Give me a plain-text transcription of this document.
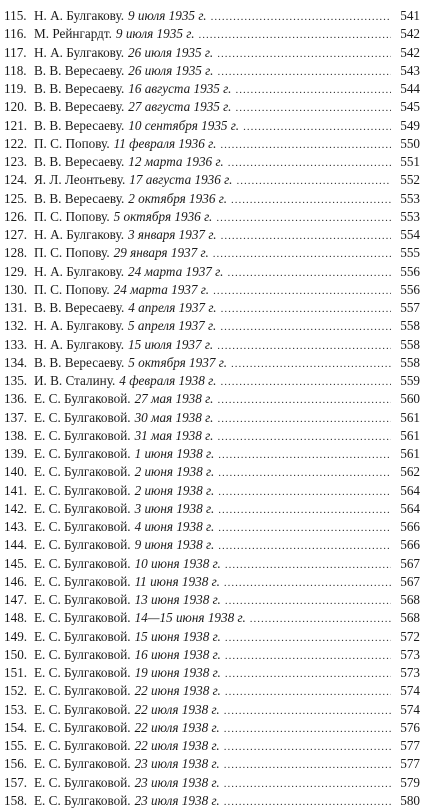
115. Н. А. Булгакову. 9 июля 1935 г. .....	541
116. М. Рейнгардт. 9 июля 1935 г. .....	542
117. Н. А. Булгакову. 26 июля 1935 г. .....	542
118. В. В. Вересаеву. 26 июля 1935 г. .....	543
119. В. В. Вересаеву. 16 августа 1935 г. .....	544
120. В. В. Вересаеву. 27 августа 1935 г. .....	545
121. В. В. Вересаеву. 10 сентября 1935 г. .....	549
122. П. С. Попову. 11 февраля 1936 г. .....	550
123. В. В. Вересаеву. 12 марта 1936 г. .....	551
124. Я. Л. Леонтьеву. 17 августа 1936 г. .....	552
125. В. В. Вересаеву. 2 октября 1936 г. .....	553
126. П. С. Попову. 5 октября 1936 г. .....	553
127. Н. А. Булгакову. 3 января 1937 г. .....	554
128. П. С. Попову. 29 января 1937 г. .....	555
129. Н. А. Булгакову. 24 марта 1937 г. .....	556
130. П. С. Попову. 24 марта 1937 г. .....	556
131. В. В. Вересаеву. 4 апреля 1937 г. .....	557
132. Н. А. Булгакову. 5 апреля 1937 г. .....	558
133. Н. А. Булгакову. 15 июля 1937 г. .....	558
134. В. В. Вересаеву. 5 октября 1937 г. .....	558
135. И. В. Сталину. 4 февраля 1938 г. .....	559
136. Е. С. Булгаковой. 27 мая 1938 г. .....	560
137. Е. С. Булгаковой. 30 мая 1938 г. .....	561
138. Е. С. Булгаковой. 31 мая 1938 г. .....	561
139. Е. С. Булгаковой. 1 июня 1938 г. .....	561
140. Е. С. Булгаковой. 2 июня 1938 г. .....	562
141. Е. С. Булгаковой. 2 июня 1938 г. .....	564
142. Е. С. Булгаковой. 3 июня 1938 г. .....	564
143. Е. С. Булгаковой. 4 июня 1938 г. .....	566
144. Е. С. Булгаковой. 9 июня 1938 г. .....	566
145. Е. С. Булгаковой. 10 июня 1938 г. .....	567
146. Е. С. Булгаковой. 11 июня 1938 г. .....	567
147. Е. С. Булгаковой. 13 июня 1938 г. .....	568
148. Е. С. Булгаковой. 14—15 июня 1938 г. .....	568
149. Е. С. Булгаковой. 15 июня 1938 г. .....	572
150. Е. С. Булгаковой. 16 июня 1938 г. .....	573
151. Е. С. Булгаковой. 19 июня 1938 г. .....	573
152. Е. С. Булгаковой. 22 июня 1938 г. .....	574
153. Е. С. Булгаковой. 22 июля 1938 г. .....	574
154. Е. С. Булгаковой. 22 июля 1938 г. .....	576
155. Е. С. Булгаковой. 22 июля 1938 г. .....	577
156. Е. С. Булгаковой. 23 июля 1938 г. .....	577
157. Е. С. Булгаковой. 23 июля 1938 г. .....	579
158. Е. С. Булгаковой. 23 июля 1938 г. .....	580
